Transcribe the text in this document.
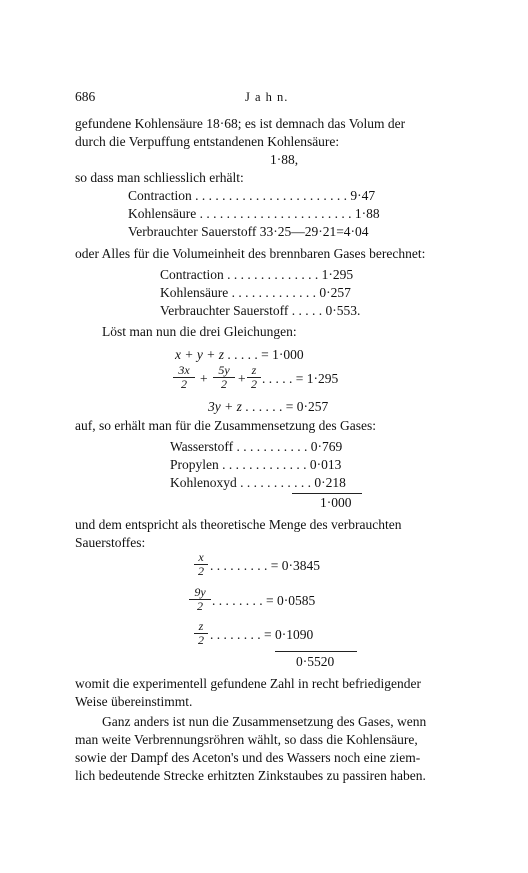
686	J a h n.
gefundene Kohlensäure 18·68; es ist demnach das Volum der
durch die Verpuffung entstandenen Kohlensäure:
1·88,
so dass man schliesslich erhält:
Contraction . . . . . . . . . . . . . . . . . . . . . . . 9·47
Kohlensäure . . . . . . . . . . . . . . . . . . . . . . . 1·88
Verbrauchter Sauerstoff 33·25—29·21=4·04
oder Alles für die Volumeinheit des brennbaren Gases berechnet:
Contraction . . . . . . . . . . . . . . 1·295
Kohlensäure . . . . . . . . . . . . . 0·257
Verbrauchter Sauerstoff . . . . . 0·553.
Löst man nun die drei Gleichungen:
x + y + z . . . . . = 1·000
$\frac{3x}{2} + \frac{5y}{2} + \frac{z}{2}$ . . . . . = 1·295
3y + z . . . . . . = 0·257
auf, so erhält man für die Zusammensetzung des Gases:
Wasserstoff . . . . . . . . . . . 0·769
Propylen . . . . . . . . . . . . . 0·013
Kohlenoxyd . . . . . . . . . . . 0·218
1·000
und dem entspricht als theoretische Menge des verbrauchten
Sauerstoffes:
$\frac{x}{2}$ . . . . . . . . . = 0·3845
$\frac{9y}{2}$ . . . . . . . . = 0·0585
$\frac{z}{2}$ . . . . . . . . = 0·1090
0·5520
womit die experimentell gefundene Zahl in recht befriedigender
Weise übereinstimmt.
Ganz anders ist nun die Zusammensetzung des Gases, wenn
man weite Verbrennungsröhren wählt, so dass die Kohlensäure,
sowie der Dampf des Aceton's und des Wassers noch eine ziem-
lich bedeutende Strecke erhitzten Zinkstaubes zu passiren haben.
